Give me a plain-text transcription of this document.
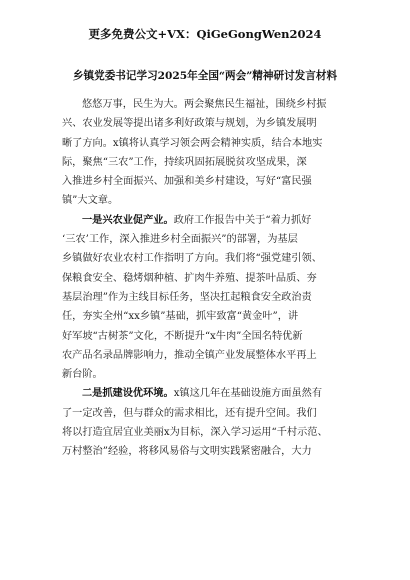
更多免费公文+VX：QiGeGongWen2024
乡镇党委书记学习2025年全国“两会”精神研讨发言材料
悠悠万事，民生为大。两会聚焦民生福祉，围绕乡村振
兴、农业发展等提出诸多利好政策与规划，为乡镇发展明
晰了方向。x镇将认真学习领会两会精神实质，结合本地实
际，聚焦“三农”工作，持续巩固拓展脱贫攻坚成果，深
入推进乡村全面振兴、加强和美乡村建设，写好“富民强
镇”大文章。
一是兴农业促产业。政府工作报告中关于“着力抓好
‘三农’工作，深入推进乡村全面振兴”的部署，为基层
乡镇做好农业农村工作指明了方向。我们将“强党建引领、
保粮食安全、稳烤烟种植、扩肉牛养殖、提茶叶品质、夯
基层治理”作为主线目标任务，坚决扛起粮食安全政治责
任，夯实全州“xx乡镇”基础，抓牢致富“黄金叶”，讲
好军坡“古树茶”文化，不断提升“x牛肉”全国名特优新
农产品名录品牌影响力，推动全镇产业发展整体水平再上
新台阶。
二是抓建设优环境。x镇这几年在基础设施方面虽然有
了一定改善，但与群众的需求相比，还有提升空间。我们
将以打造宜居宜业美丽x为目标，深入学习运用“千村示范、
万村整治”经验，将移风易俗与文明实践紧密融合，大力
